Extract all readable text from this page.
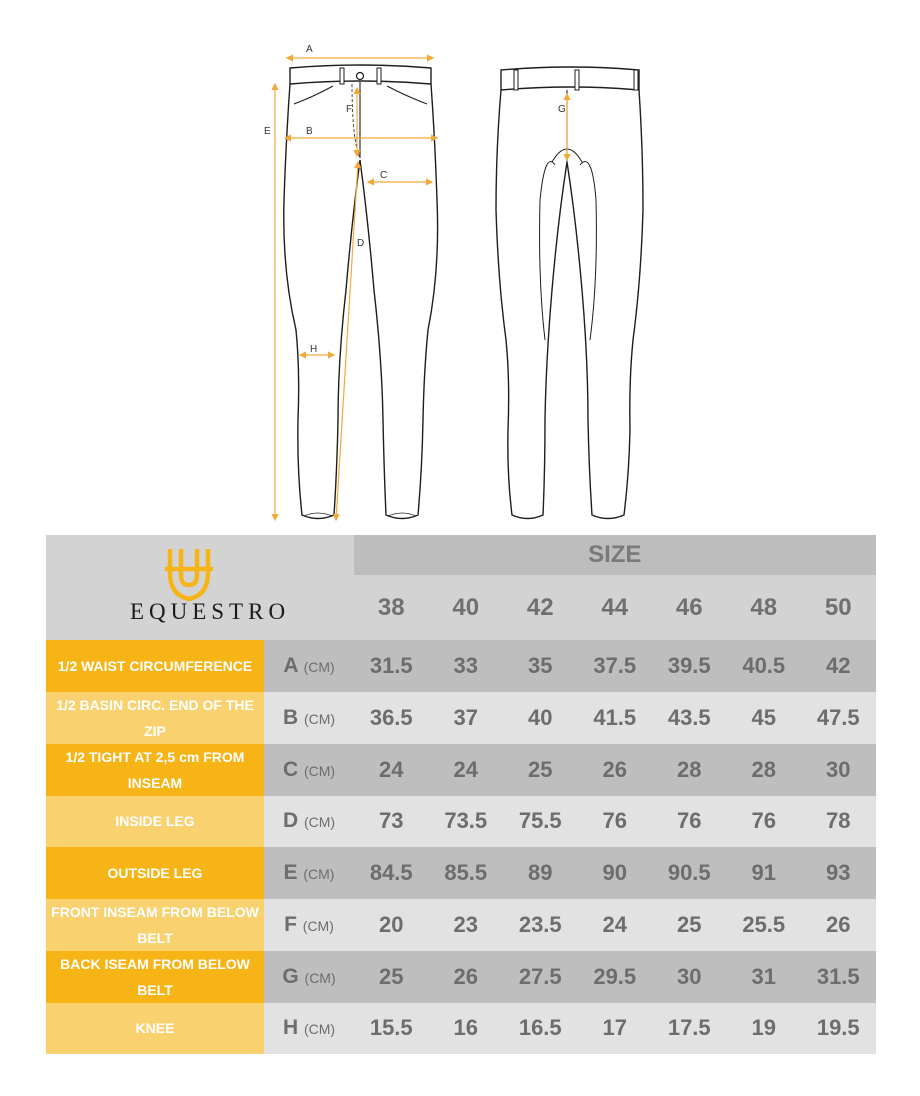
A
B
C
D
E
F	G
H
EQUESTRO		SIZE						
		38	40	42	44	46	48	50
1/2 WAIST CIRCUMFERENCE	A (CM)	31.5	33	35	37.5	39.5	40.5	42
1/2 BASIN CIRC. END OF THE ZIP	B (CM)	36.5	37	40	41.5	43.5	45	47.5
1/2 TIGHT AT 2,5 cm FROM INSEAM	C (CM)	24	24	25	26	28	28	30
INSIDE LEG	D (CM)	73	73.5	75.5	76	76	76	78
OUTSIDE LEG	E (CM)	84.5	85.5	89	90	90.5	91	93
FRONT INSEAM FROM BELOW BELT	F (CM)	20	23	23.5	24	25	25.5	26
BACK ISEAM FROM BELOW BELT	G (CM)	25	26	27.5	29.5	30	31	31.5
KNEE	H (CM)	15.5	16	16.5	17	17.5	19	19.5
